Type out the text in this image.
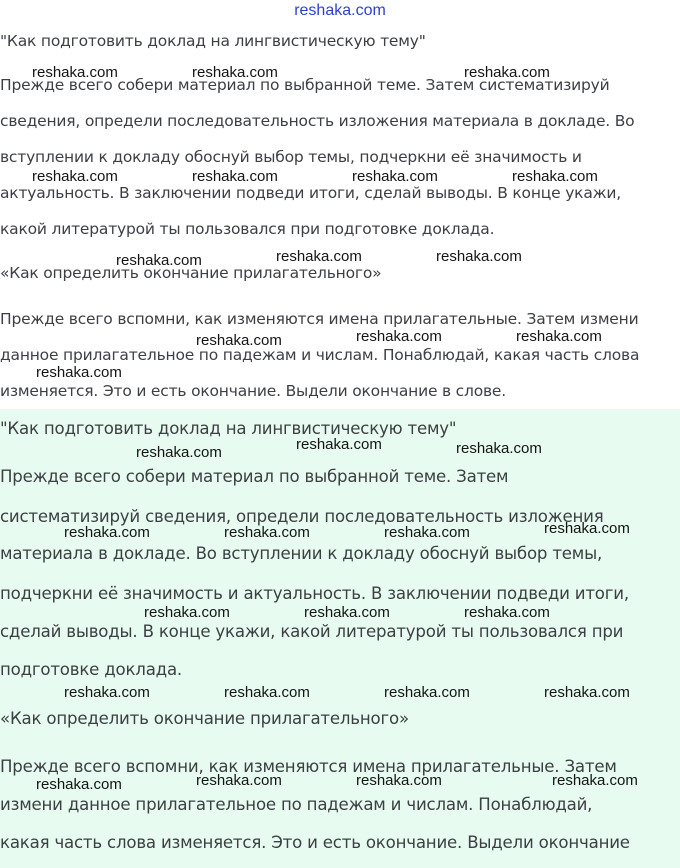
reshaka.com

"Как подготовить доклад на лингвистическую тему"

Прежде всего собери материал по выбранной теме. Затем систематизируй

сведения, определи последовательность изложения материала в докладе. Во

вступлении к докладу обоснуй выбор темы, подчеркни её значимость и

актуальность. В заключении подведи итоги, сделай выводы. В конце укажи,

какой литературой ты пользовался при подготовке доклада.

«Как определить окончание прилагательного»

Прежде всего вспомни, как изменяются имена прилагательные. Затем измени

данное прилагательное по падежам и числам. Понаблюдай, какая часть слова

изменяется. Это и есть окончание. Выдели окончание в слове.

"Как подготовить доклад на лингвистическую тему"

Прежде всего собери материал по выбранной теме. Затем

систематизируй сведения, определи последовательность изложения

материала в докладе. Во вступлении к докладу обоснуй выбор темы,

подчеркни её значимость и актуальность. В заключении подведи итоги,

сделай выводы. В конце укажи, какой литературой ты пользовался при

подготовке доклада.

«Как определить окончание прилагательного»

Прежде всего вспомни, как изменяются имена прилагательные. Затем

измени данное прилагательное по падежам и числам. Понаблюдай,

какая часть слова изменяется. Это и есть окончание. Выдели окончание

reshaka.com	reshaka.com	reshaka.com
reshaka.com	reshaka.com	reshaka.com	reshaka.com
reshaka.com	reshaka.com	reshaka.com
reshaka.com	reshaka.com	reshaka.com
reshaka.com
reshaka.com	reshaka.com
reshaka.com
reshaka.com
reshaka.com	reshaka.com	reshaka.com
reshaka.com	reshaka.com	reshaka.com
reshaka.com	reshaka.com	reshaka.com	reshaka.com
reshaka.com	reshaka.com	reshaka.com
reshaka.com
